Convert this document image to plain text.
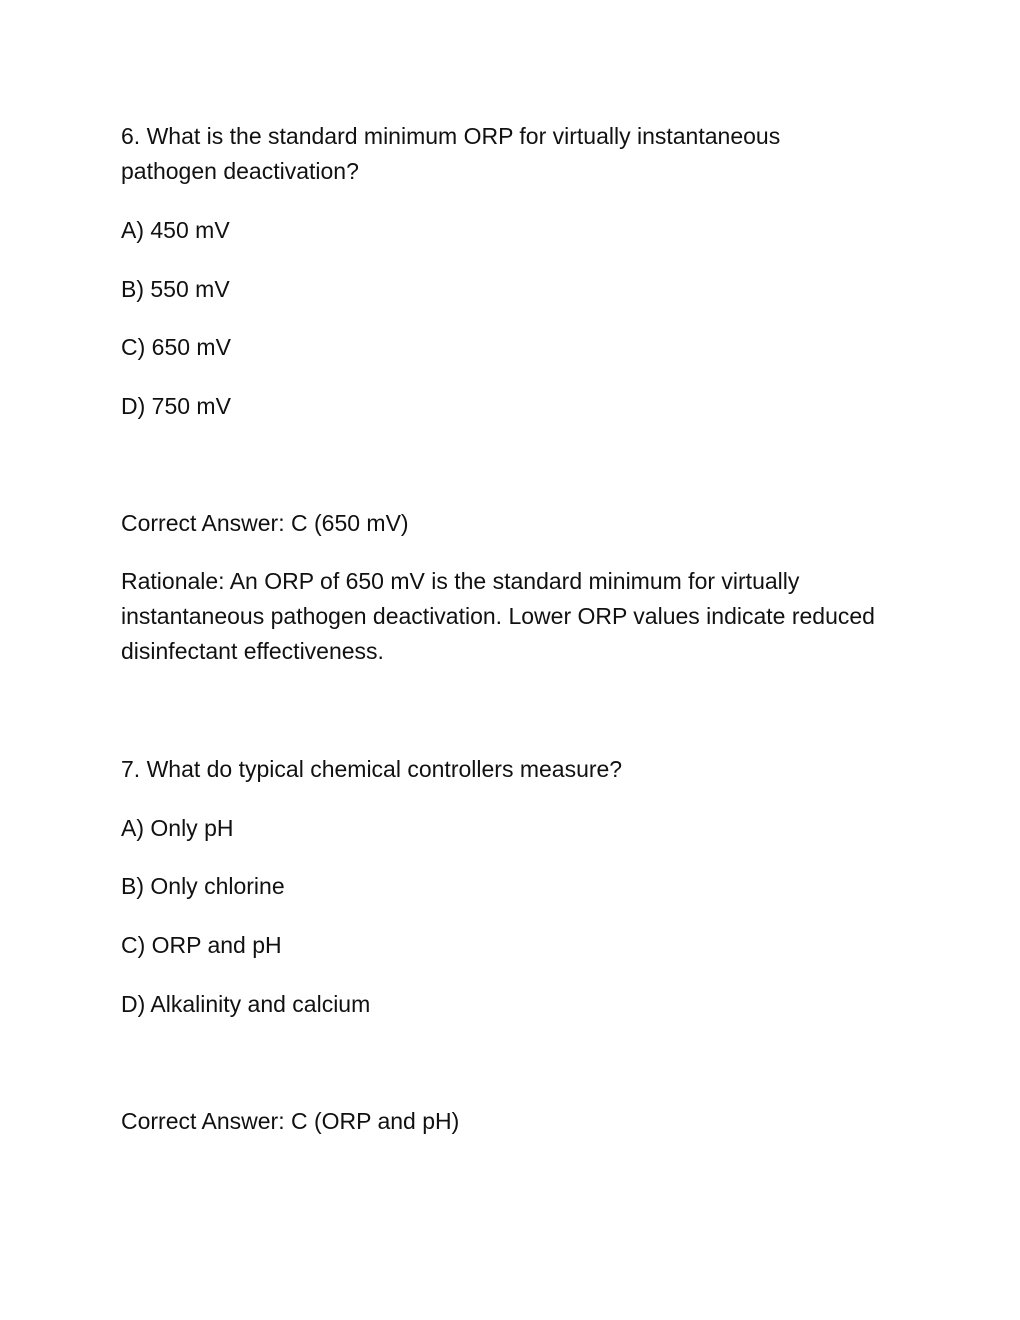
6. What is the standard minimum ORP for virtually instantaneous pathogen deactivation?
A) 450 mV
B) 550 mV
C) 650 mV
D) 750 mV
Correct Answer: C (650 mV)
Rationale: An ORP of 650 mV is the standard minimum for virtually instantaneous pathogen deactivation. Lower ORP values indicate reduced disinfectant effectiveness.
7. What do typical chemical controllers measure?
A) Only pH
B) Only chlorine
C) ORP and pH
D) Alkalinity and calcium
Correct Answer: C (ORP and pH)
